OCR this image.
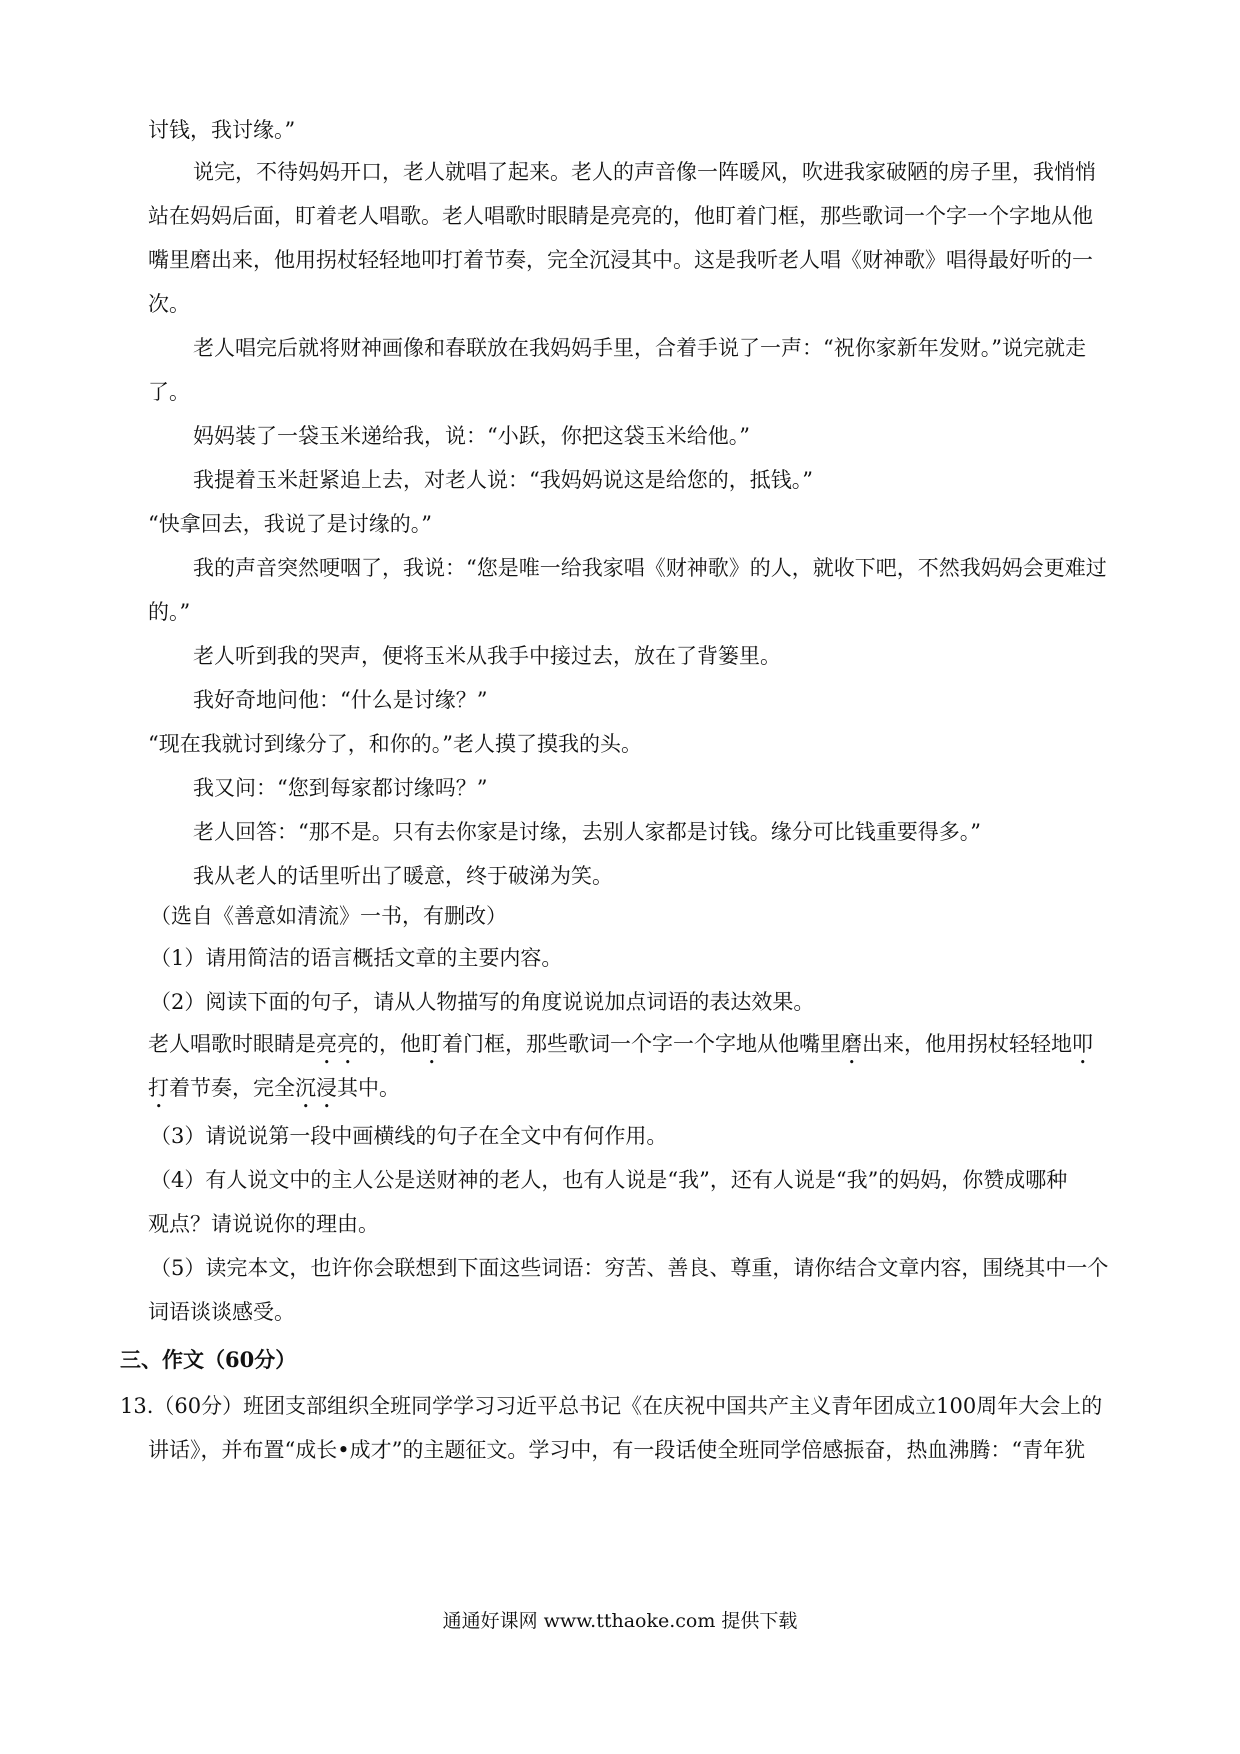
讨钱，我讨缘。”
说完，不待妈妈开口，老人就唱了起来。老人的声音像一阵暖风，吹进我家破陋的房子里，我悄悄
站在妈妈后面，盯着老人唱歌。老人唱歌时眼睛是亮亮的，他盯着门框，那些歌词一个字一个字地从他
嘴里磨出来，他用拐杖轻轻地叩打着节奏，完全沉浸其中。这是我听老人唱《财神歌》唱得最好听的一
次。
老人唱完后就将财神画像和春联放在我妈妈手里，合着手说了一声：“祝你家新年发财。”说完就走
了。
妈妈装了一袋玉米递给我，说：“小跃，你把这袋玉米给他。”
我提着玉米赶紧追上去，对老人说：“我妈妈说这是给您的，抵钱。”
“快拿回去，我说了是讨缘的。”
我的声音突然哽咽了，我说：“您是唯一给我家唱《财神歌》的人，就收下吧，不然我妈妈会更难过
的。”
老人听到我的哭声，便将玉米从我手中接过去，放在了背篓里。
我好奇地问他：“什么是讨缘？”
“现在我就讨到缘分了，和你的。”老人摸了摸我的头。
我又问：“您到每家都讨缘吗？”
老人回答：“那不是。只有去你家是讨缘，去别人家都是讨钱。缘分可比钱重要得多。”
我从老人的话里听出了暖意，终于破涕为笑。
（选自《善意如清流》一书，有删改）
（1）请用简洁的语言概括文章的主要内容。
（2）阅读下面的句子，请从人物描写的角度说说加点词语的表达效果。
老人唱歌时眼睛是亮亮的，他盯着门框，那些歌词一个字一个字地从他嘴里磨出来，他用拐杖轻轻地叩
打着节奏，完全沉浸其中。
（3）请说说第一段中画横线的句子在全文中有何作用。
（4）有人说文中的主人公是送财神的老人，也有人说是“我”，还有人说是“我”的妈妈，你赞成哪种
观点？请说说你的理由。
（5）读完本文，也许你会联想到下面这些词语：穷苦、善良、尊重，请你结合文章内容，围绕其中一个
词语谈谈感受。
三、作文（60分）
13.（60分）班团支部组织全班同学学习习近平总书记《在庆祝中国共产主义青年团成立100周年大会上的
讲话》，并布置“成长•成才”的主题征文。学习中，有一段话使全班同学倍感振奋，热血沸腾：“青年犹
通通好课网 www.tthaoke.com 提供下载
